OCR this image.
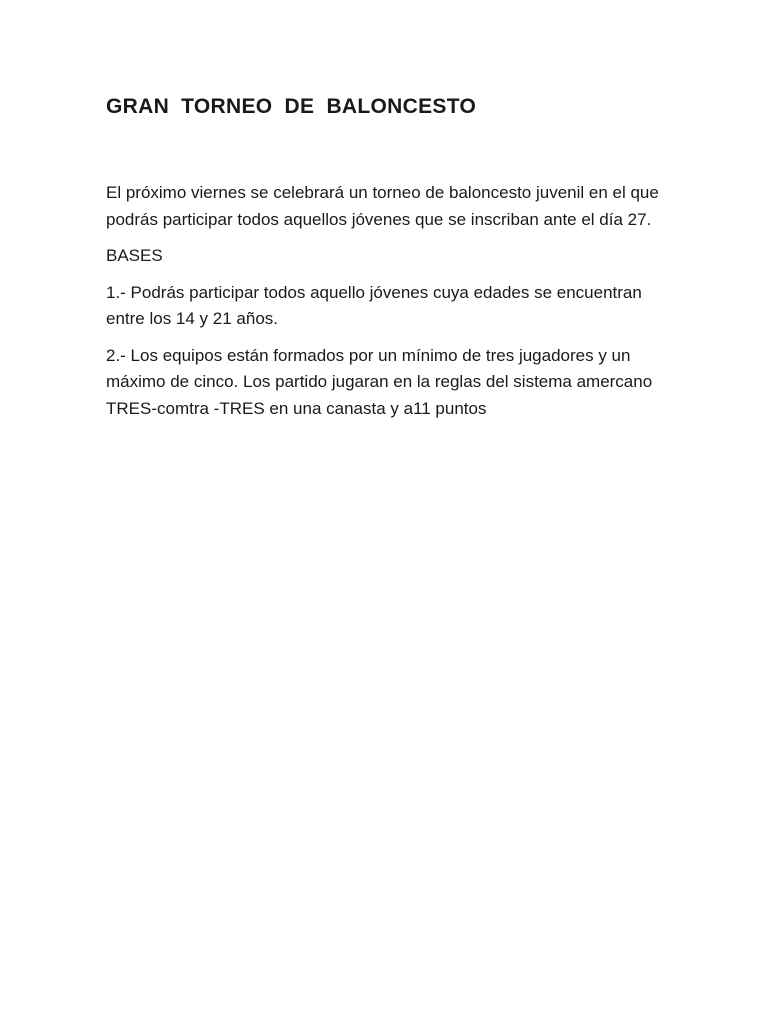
GRAN TORNEO DE BALONCESTO

El próximo viernes se celebrará un torneo de baloncesto juvenil en el que podrás participar todos aquellos jóvenes que se inscriban ante el día 27.

BASES

1.- Podrás participar todos aquello jóvenes cuya edades se encuentran entre los 14 y 21 años.

2.- Los equipos están formados por un mínimo de tres jugadores y un máximo de cinco. Los partido jugaran en la reglas del sistema amercano TRES-comtra -TRES en una canasta y a11 puntos
